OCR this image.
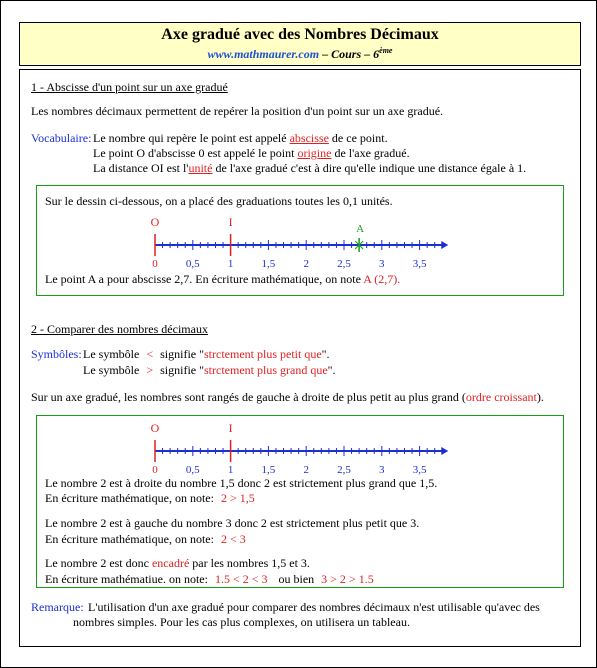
Axe gradué avec des Nombres Décimaux
www.mathmaurer.com – Cours – 6ème
1 - Abscisse d'un point sur un axe gradué
Les nombres décimaux permettent de repérer la position d'un point sur un axe gradué.
Vocabulaire: Le nombre qui repère le point est appelé abscisse de ce point.
Le point O d'abscisse 0 est appelé le point origine de l'axe gradué.
La distance OI est l'unité de l'axe gradué c'est à dire qu'elle indique une distance égale à 1.
Sur le dessin ci-dessous, on a placé des graduations toutes les 0,1 unités.
O	I
0	0,5	1	1,5	2	2,5	3	3,5
A
Le point A a pour abscisse 2,7. En écriture mathématique, on note A (2,7).
2 - Comparer des nombres décimaux
Symbôles: Le symbôle < signifie "strctement plus petit que".
Le symbôle > signifie "strctement plus grand que".
Sur un axe gradué, les nombres sont rangés de gauche à droite de plus petit au plus grand (ordre croissant).
O	I
0	0,5	1	1,5	2	2,5	3	3,5
Le nombre 2 est à droite du nombre 1,5 donc 2 est strictement plus grand que 1,5.
En écriture mathématique, on note: 2 > 1,5
Le nombre 2 est à gauche du nombre 3 donc 2 est strictement plus petit que 3.
En écriture mathématique, on note: 2 < 3
Le nombre 2 est donc encadré par les nombres 1,5 et 3.
En écriture mathématiue. on note: 1.5 < 2 < 3 ou bien 3 > 2 > 1.5
Remarque: L'utilisation d'un axe gradué pour comparer des nombres décimaux n'est utilisable qu'avec des
nombres simples. Pour les cas plus complexes, on utilisera un tableau.
